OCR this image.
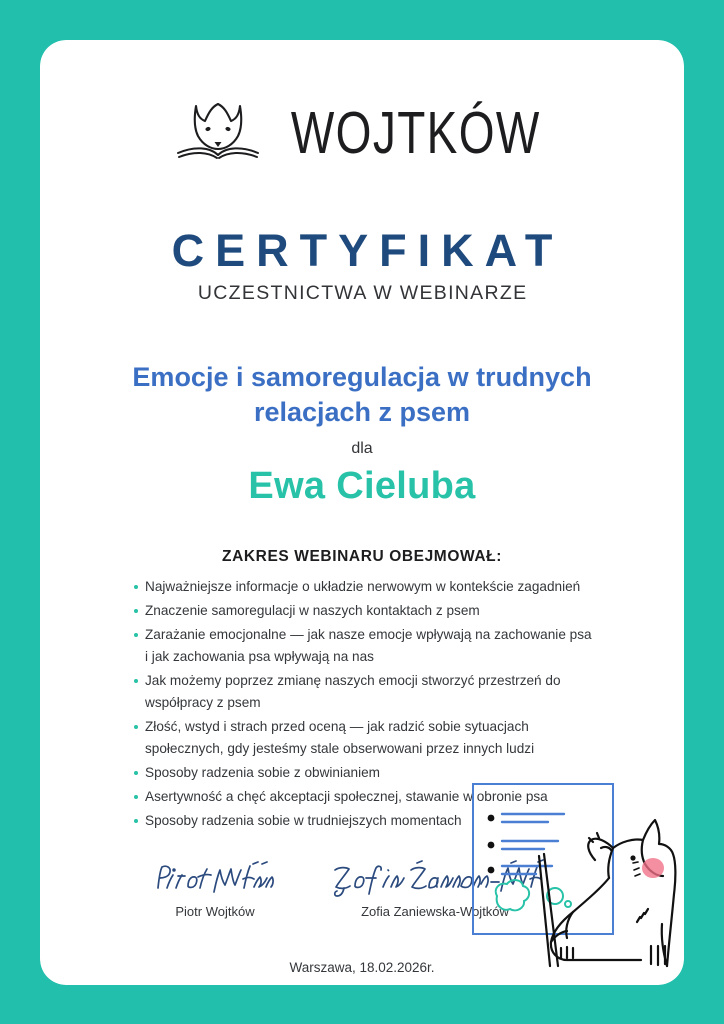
WOJTKÓW
CERTYFIKAT
UCZESTNICTWA W WEBINARZE
Emocje i samoregulacja w trudnych relacjach z psem
dla
Ewa Cieluba
ZAKRES WEBINARU OBEJMOWAŁ:
Najważniejsze informacje o układzie nerwowym w kontekście zagadnień
Znaczenie samoregulacji w naszych kontaktach z psem
Zarażanie emocjonalne — jak nasze emocje wpływają na zachowanie psa i jak zachowania psa wpływają na nas
Jak możemy poprzez zmianę naszych emocji stworzyć przestrzeń do współpracy z psem
Złość, wstyd i strach przed oceną — jak radzić sobie sytuacjach społecznych, gdy jesteśmy stale obserwowani przez innych ludzi
Sposoby radzenia sobie z obwinianiem
Asertywność a chęć akceptacji społecznej, stawanie w obronie psa
Sposoby radzenia sobie w trudniejszych momentach
Piotr Wojtków	Zofia Zaniewska-Wojtków
Warszawa, 18.02.2026r.
